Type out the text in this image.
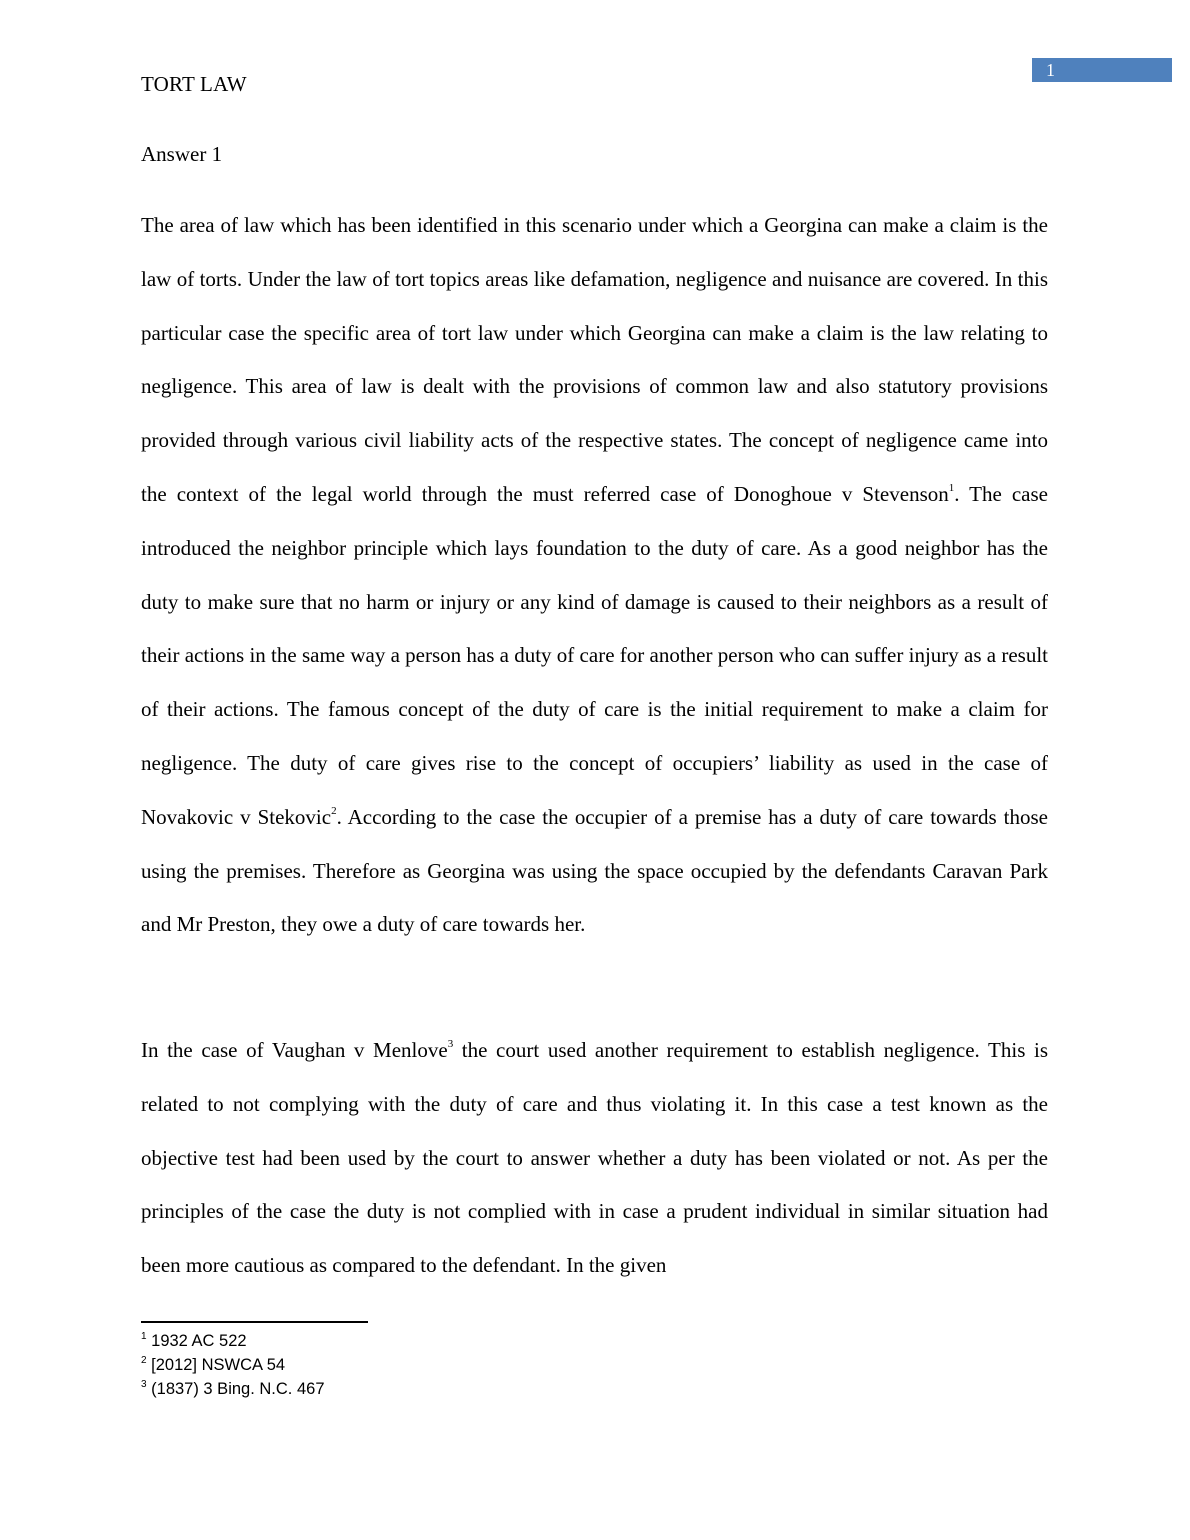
1
TORT LAW
Answer 1

The area of law which has been identified in this scenario under which a Georgina can make a claim is the law of torts. Under the law of tort topics areas like defamation, negligence and nuisance are covered. In this particular case the specific area of tort law under which Georgina can make a claim is the law relating to negligence. This area of law is dealt with the provisions of common law and also statutory provisions provided through various civil liability acts of the respective states. The concept of negligence came into the context of the legal world through the must referred case of Donoghoue v Stevenson$^1$. The case introduced the neighbor principle which lays foundation to the duty of care. As a good neighbor has the duty to make sure that no harm or injury or any kind of damage is caused to their neighbors as a result of their actions in the same way a person has a duty of care for another person who can suffer injury as a result of their actions. The famous concept of the duty of care is the initial requirement to make a claim for negligence. The duty of care gives rise to the concept of occupiers’ liability as used in the case of Novakovic v Stekovic$^2$. According to the case the occupier of a premise has a duty of care towards those using the premises. Therefore as Georgina was using the space occupied by the defendants Caravan Park and Mr Preston, they owe a duty of care towards her.

In the case of Vaughan v Menlove$^3$ the court used another requirement to establish negligence. This is related to not complying with the duty of care and thus violating it. In this case a test known as the objective test had been used by the court to answer whether a duty has been violated or not. As per the principles of the case the duty is not complied with in case a prudent individual in similar situation had been more cautious as compared to the defendant. In the given

$^1$ 1932 AC 522
$^2$ [2012] NSWCA 54
$^3$ (1837) 3 Bing. N.C. 467
